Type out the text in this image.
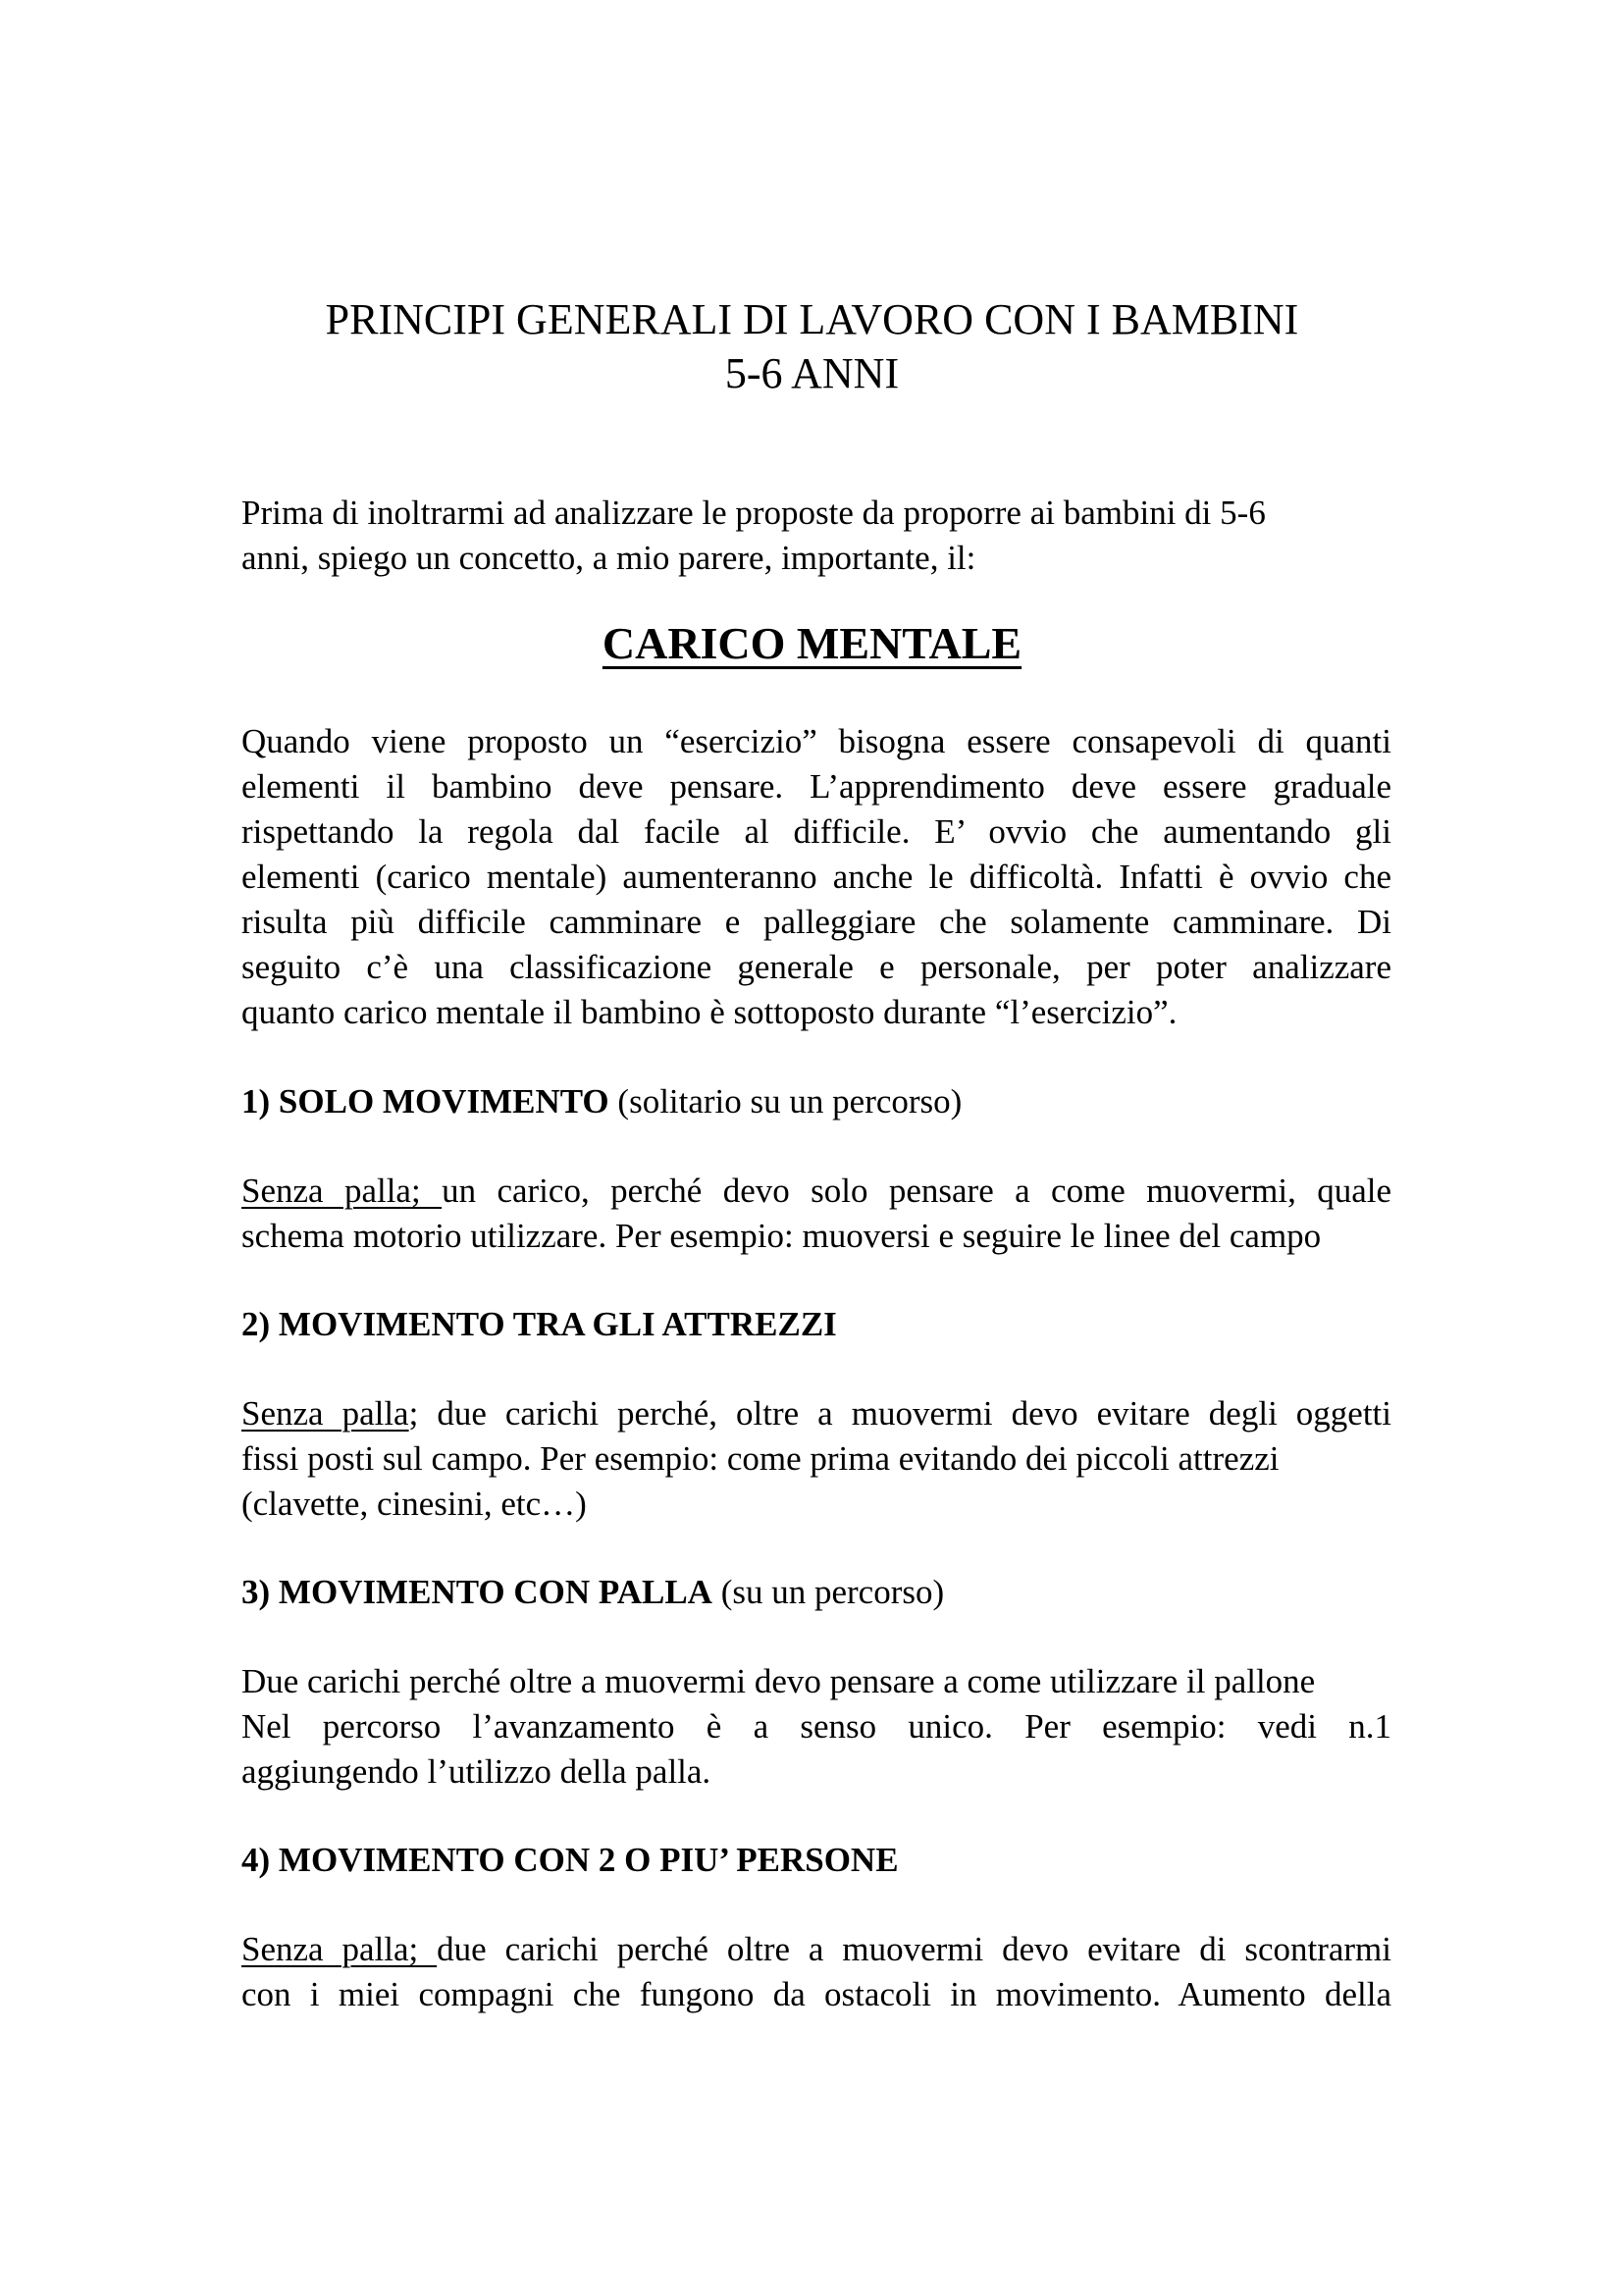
PRINCIPI GENERALI DI LAVORO CON I BAMBINI
5-6 ANNI
Prima di inoltrarmi ad analizzare le proposte da proporre ai bambini di 5-6
anni, spiego un concetto, a mio parere, importante, il:
CARICO MENTALE
Quando viene proposto un “esercizio” bisogna essere consapevoli di quanti
elementi il bambino deve pensare. L’apprendimento deve essere graduale
rispettando la regola dal facile al difficile. E’ ovvio che aumentando gli
elementi (carico mentale) aumenteranno anche le difficoltà. Infatti è ovvio che
risulta più difficile camminare e palleggiare che solamente camminare. Di
seguito c’è una classificazione generale e personale, per poter analizzare
quanto carico mentale il bambino è sottoposto durante “l’esercizio”.

1) SOLO MOVIMENTO (solitario su un percorso)

Senza palla; un carico, perché devo solo pensare a come muovermi, quale
schema motorio utilizzare. Per esempio: muoversi e seguire le linee del campo

2) MOVIMENTO TRA GLI ATTREZZI

Senza palla; due carichi perché, oltre a muovermi devo evitare degli oggetti
fissi posti sul campo. Per esempio: come prima evitando dei piccoli attrezzi
(clavette, cinesini, etc…)

3) MOVIMENTO CON PALLA (su un percorso)

Due carichi perché oltre a muovermi devo pensare a come utilizzare il pallone
Nel percorso l’avanzamento è a senso unico. Per esempio: vedi n.1
aggiungendo l’utilizzo della palla.

4) MOVIMENTO CON 2 O PIU’ PERSONE

Senza palla; due carichi perché oltre a muovermi devo evitare di scontrarmi
con i miei compagni che fungono da ostacoli in movimento. Aumento della
